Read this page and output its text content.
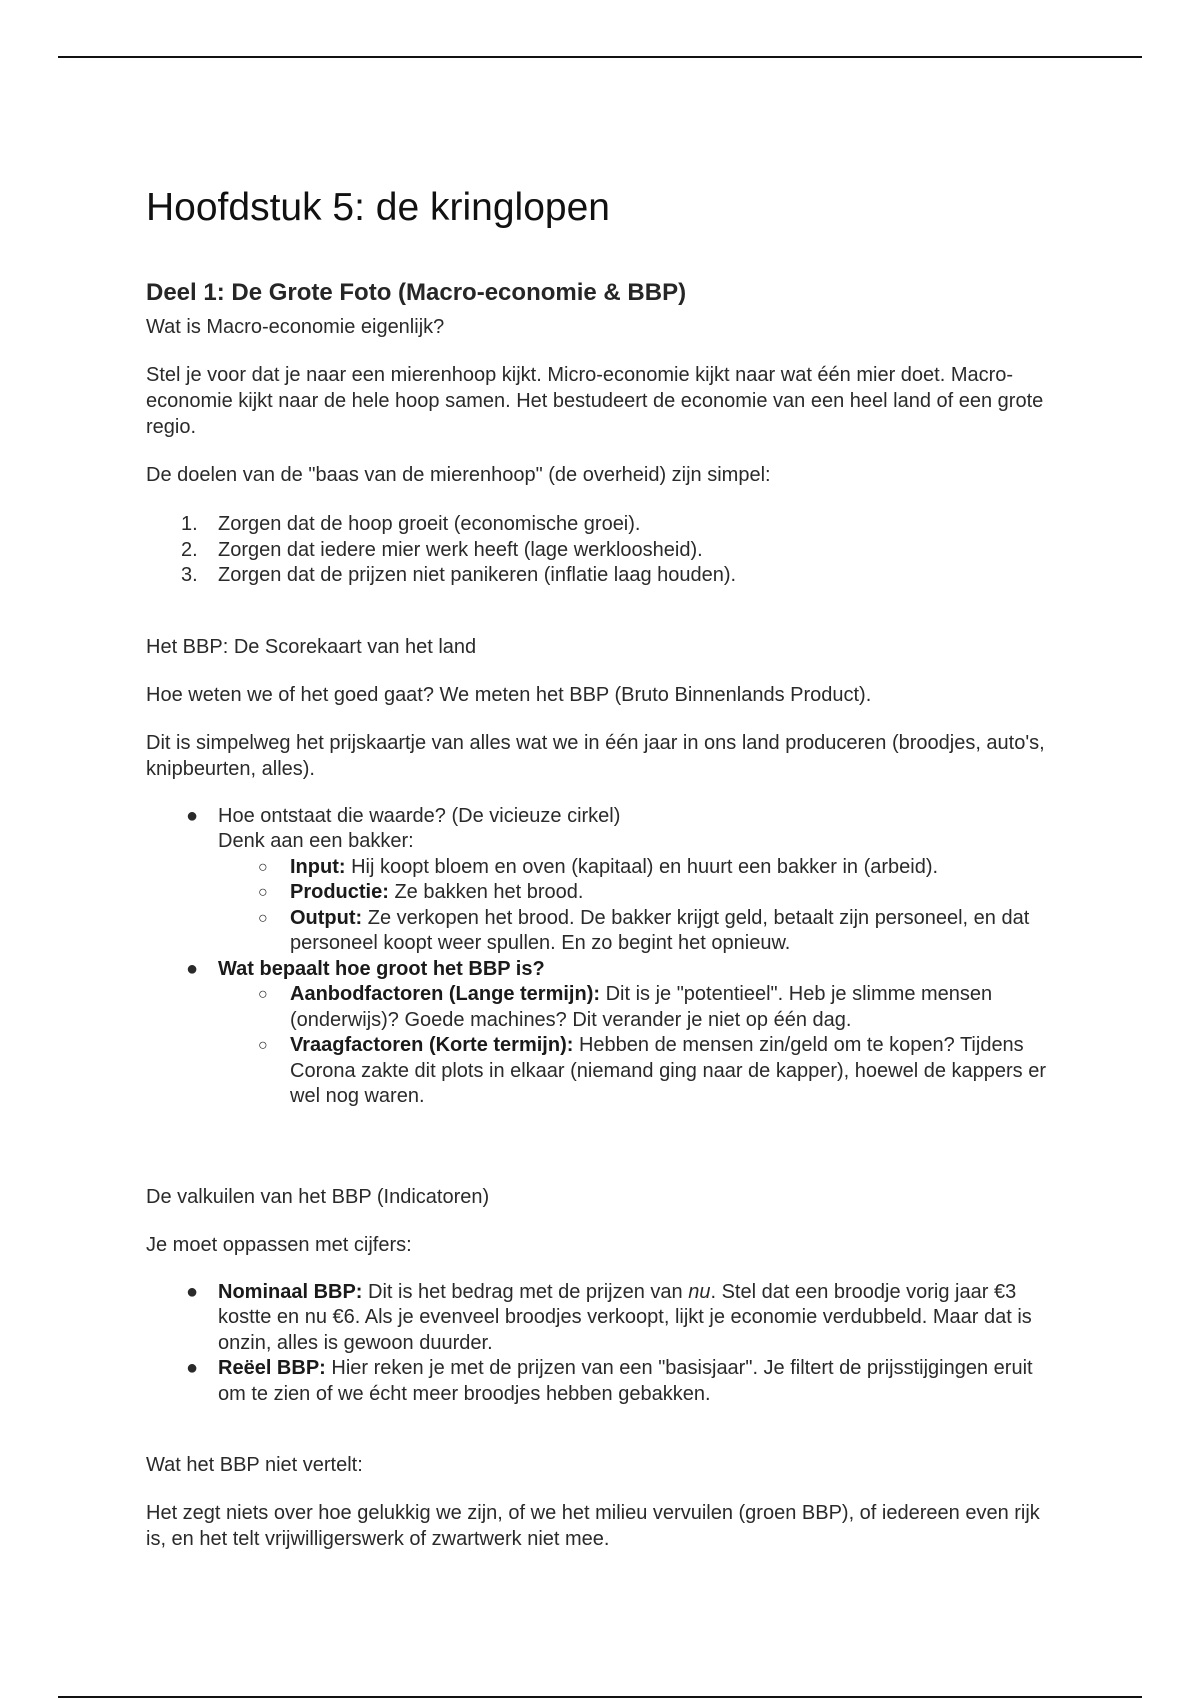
Hoofdstuk 5: de kringlopen
Deel 1: De Grote Foto (Macro-economie & BBP)

Wat is Macro-economie eigenlijk?

Stel je voor dat je naar een mierenhoop kijkt. Micro-economie kijkt naar wat één mier doet. Macro-economie kijkt naar de hele hoop samen. Het bestudeert de economie van een heel land of een grote regio.

De doelen van de "baas van de mierenhoop" (de overheid) zijn simpel:

1. Zorgen dat de hoop groeit (economische groei).
2. Zorgen dat iedere mier werk heeft (lage werkloosheid).
3. Zorgen dat de prijzen niet panikeren (inflatie laag houden).

Het BBP: De Scorekaart van het land

Hoe weten we of het goed gaat? We meten het BBP (Bruto Binnenlands Product).

Dit is simpelweg het prijskaartje van alles wat we in één jaar in ons land produceren (broodjes, auto's, knipbeurten, alles).

● Hoe ontstaat die waarde? (De vicieuze cirkel)
Denk aan een bakker:
○ Input: Hij koopt bloem en oven (kapitaal) en huurt een bakker in (arbeid).
○ Productie: Ze bakken het brood.
○ Output: Ze verkopen het brood. De bakker krijgt geld, betaalt zijn personeel, en dat personeel koopt weer spullen. En zo begint het opnieuw.
● Wat bepaalt hoe groot het BBP is?
○ Aanbodfactoren (Lange termijn): Dit is je "potentieel". Heb je slimme mensen (onderwijs)? Goede machines? Dit verander je niet op één dag.
○ Vraagfactoren (Korte termijn): Hebben de mensen zin/geld om te kopen? Tijdens Corona zakte dit plots in elkaar (niemand ging naar de kapper), hoewel de kappers er wel nog waren.

De valkuilen van het BBP (Indicatoren)

Je moet oppassen met cijfers:

● Nominaal BBP: Dit is het bedrag met de prijzen van nu. Stel dat een broodje vorig jaar €3 kostte en nu €6. Als je evenveel broodjes verkoopt, lijkt je economie verdubbeld. Maar dat is onzin, alles is gewoon duurder.
● Reëel BBP: Hier reken je met de prijzen van een "basisjaar". Je filtert de prijsstijgingen eruit om te zien of we écht meer broodjes hebben gebakken.

Wat het BBP niet vertelt:

Het zegt niets over hoe gelukkig we zijn, of we het milieu vervuilen (groen BBP), of iedereen even rijk is, en het telt vrijwilligerswerk of zwartwerk niet mee.
